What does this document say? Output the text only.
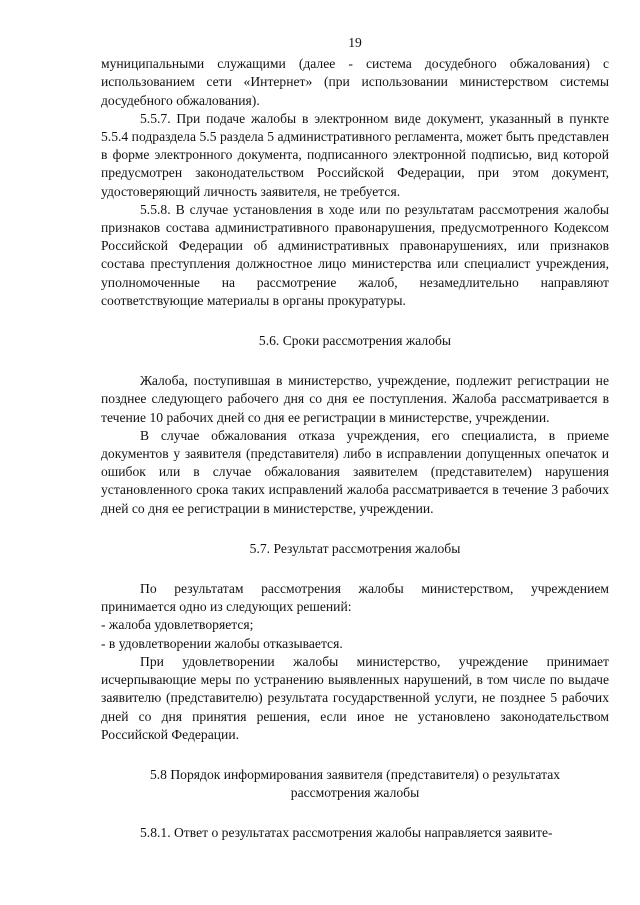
19

муниципальными служащими (далее - система досудебного обжалования) с использованием сети «Интернет» (при использовании министерством системы досудебного обжалования).

5.5.7. При подаче жалобы в электронном виде документ, указанный в пункте 5.5.4 подраздела 5.5 раздела 5 административного регламента, может быть представлен в форме электронного документа, подписанного электронной подписью, вид которой предусмотрен законодательством Российской Федерации, при этом документ, удостоверяющий личность заявителя, не требуется.

5.5.8. В случае установления в ходе или по результатам рассмотрения жалобы признаков состава административного правонарушения, предусмотренного Кодексом Российской Федерации об административных правонарушениях, или признаков состава преступления должностное лицо министерства или специалист учреждения, уполномоченные на рассмотрение жалоб, незамедлительно направляют соответствующие материалы в органы прокуратуры.

5.6. Сроки рассмотрения жалобы

Жалоба, поступившая в министерство, учреждение, подлежит регистрации не позднее следующего рабочего дня со дня ее поступления. Жалоба рассматривается в течение 10 рабочих дней со дня ее регистрации в министерстве, учреждении.

В случае обжалования отказа учреждения, его специалиста, в приеме документов у заявителя (представителя) либо в исправлении допущенных опечаток и ошибок или в случае обжалования заявителем (представителем) нарушения установленного срока таких исправлений жалоба рассматривается в течение 3 рабочих дней со дня ее регистрации в министерстве, учреждении.

5.7. Результат рассмотрения жалобы

По результатам рассмотрения жалобы министерством, учреждением принимается одно из следующих решений:

- жалоба удовлетворяется;

- в удовлетворении жалобы отказывается.

При удовлетворении жалобы министерство, учреждение принимает исчерпывающие меры по устранению выявленных нарушений, в том числе по выдаче заявителю (представителю) результата государственной услуги, не позднее 5 рабочих дней со дня принятия решения, если иное не установлено законодательством Российской Федерации.

5.8 Порядок информирования заявителя (представителя) о результатах

рассмотрения жалобы

5.8.1. Ответ о результатах рассмотрения жалобы направляется заявите-
